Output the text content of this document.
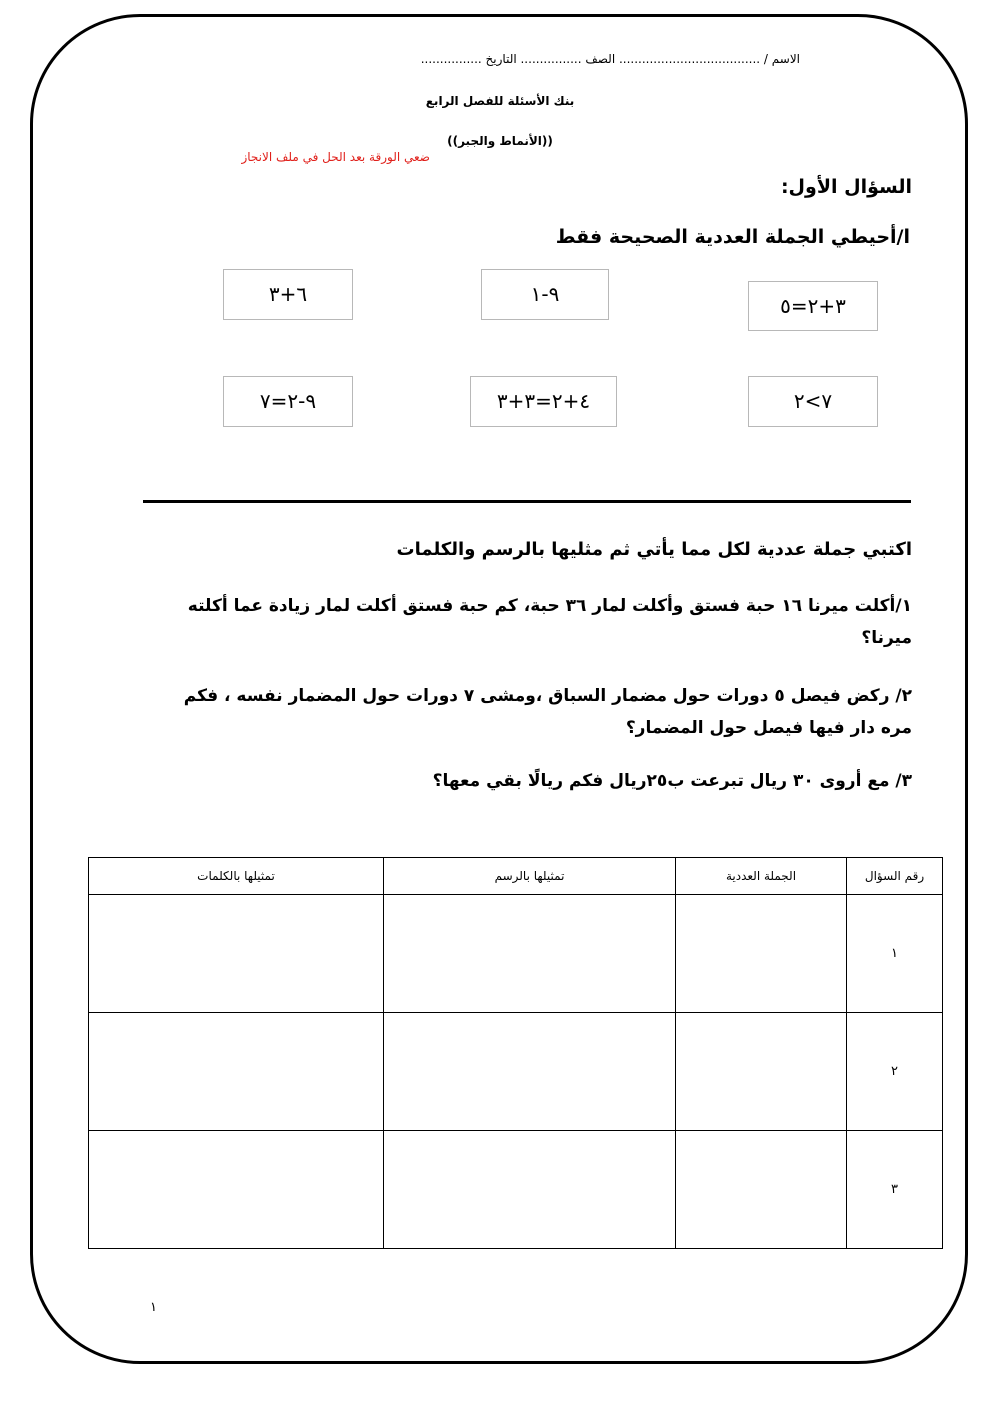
الاسم / ..................................... الصف ................ التاريخ ................
بنك الأسئلة للفصل الرابع
((الأنماط والجبر))
ضعي الورقة بعد الحل في ملف الانجاز
السؤال الأول:
ا/أحيطي الجملة العددية الصحيحة فقط
٣+٢=٥
٩-١
٦+٣
٧>٢
٤+٢=٣+٣
٩-٢=٧
اكتبي جملة عددية لكل مما يأتي ثم مثليها بالرسم والكلمات
١/أكلت ميرنا ١٦ حبة فستق وأكلت لمار ٣٦ حبة، كم حبة فستق أكلت لمار زيادة عما أكلته
ميرنا؟
٢/ ركض فيصل ٥ دورات حول مضمار السباق ،ومشى ٧ دورات حول المضمار نفسه ، فكم
مره دار فيها فيصل حول المضمار؟
٣/ مع أروى ٣٠ ريال تبرعت ب٢٥ريال فكم ريالًا بقي معها؟
رقم السؤال	الجملة العددية	تمثيلها بالرسم	تمثيلها بالكلمات
١			
٢			
٣			
١
